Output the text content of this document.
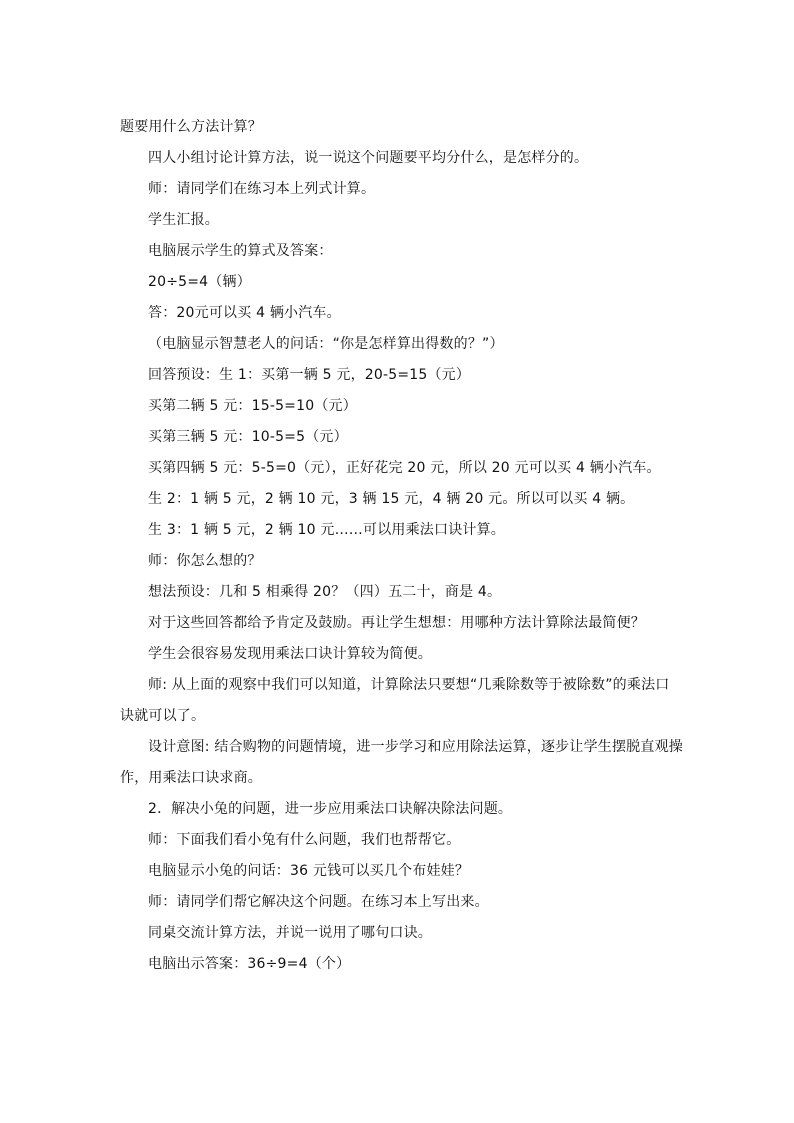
题要用什么方法计算？
四人小组讨论计算方法，说一说这个问题要平均分什么，是怎样分的。
师：请同学们在练习本上列式计算。
学生汇报。
电脑展示学生的算式及答案：
20÷5=4（辆）
答：20元可以买 4 辆小汽车。
（电脑显示智慧老人的问话：“你是怎样算出得数的？”）
回答预设：生 1：买第一辆 5 元，20-5=15（元）
买第二辆 5 元：15-5=10（元）
买第三辆 5 元：10-5=5（元）
买第四辆 5 元：5-5=0（元），正好花完 20 元，所以 20 元可以买 4 辆小汽车。
生 2：1 辆 5 元，2 辆 10 元，3 辆 15 元，4 辆 20 元。所以可以买 4 辆。
生 3：1 辆 5 元，2 辆 10 元……可以用乘法口诀计算。
师：你怎么想的？
想法预设：几和 5 相乘得 20？（四）五二十，商是 4。
对于这些回答都给予肯定及鼓励。再让学生想想：用哪种方法计算除法最简便？
学生会很容易发现用乘法口诀计算较为简便。
师: 从上面的观察中我们可以知道，计算除法只要想“几乘除数等于被除数”的乘法口
诀就可以了。
设计意图: 结合购物的问题情境，进一步学习和应用除法运算，逐步让学生摆脱直观操
作，用乘法口诀求商。
2．解决小兔的问题，进一步应用乘法口诀解决除法问题。
师：下面我们看小兔有什么问题，我们也帮帮它。
电脑显示小兔的问话：36 元钱可以买几个布娃娃？
师：请同学们帮它解决这个问题。在练习本上写出来。
同桌交流计算方法，并说一说用了哪句口诀。
电脑出示答案：36÷9=4（个）
